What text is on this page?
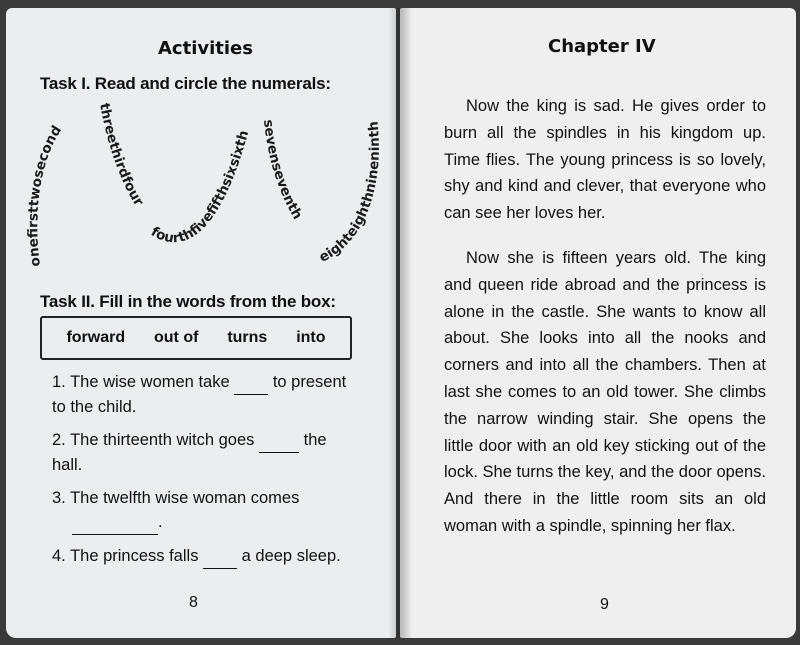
Activities
Task I. Read and circle the numerals:
onefirsttwosecond
threethirdfour
fourthfivefifthsixsixth
sevenseventh
eighteighthnineninth
Task II. Fill in the words from the box:
forward out of turns into
1. The wise women take	to present to the child.
2. The thirteenth witch goes	the hall.
3. The twelfth wise woman comes
.
4. The princess falls	a deep sleep.
8
Chapter IV

Now the king is sad. He gives order to burn all the spindles in his kingdom up. Time flies. The young princess is so lovely, shy and kind and clever, that everyone who can see her loves her.

Now she is fifteen years old. The king and queen ride abroad and the princess is alone in the castle. She wants to know all about. She looks into all the nooks and corners and into all the chambers. Then at last she comes to an old tower. She climbs the narrow winding stair. She opens the little door with an old key sticking out of the lock. She turns the key, and the door opens. And there in the little room sits an old woman with a spindle, spinning her flax.

9
